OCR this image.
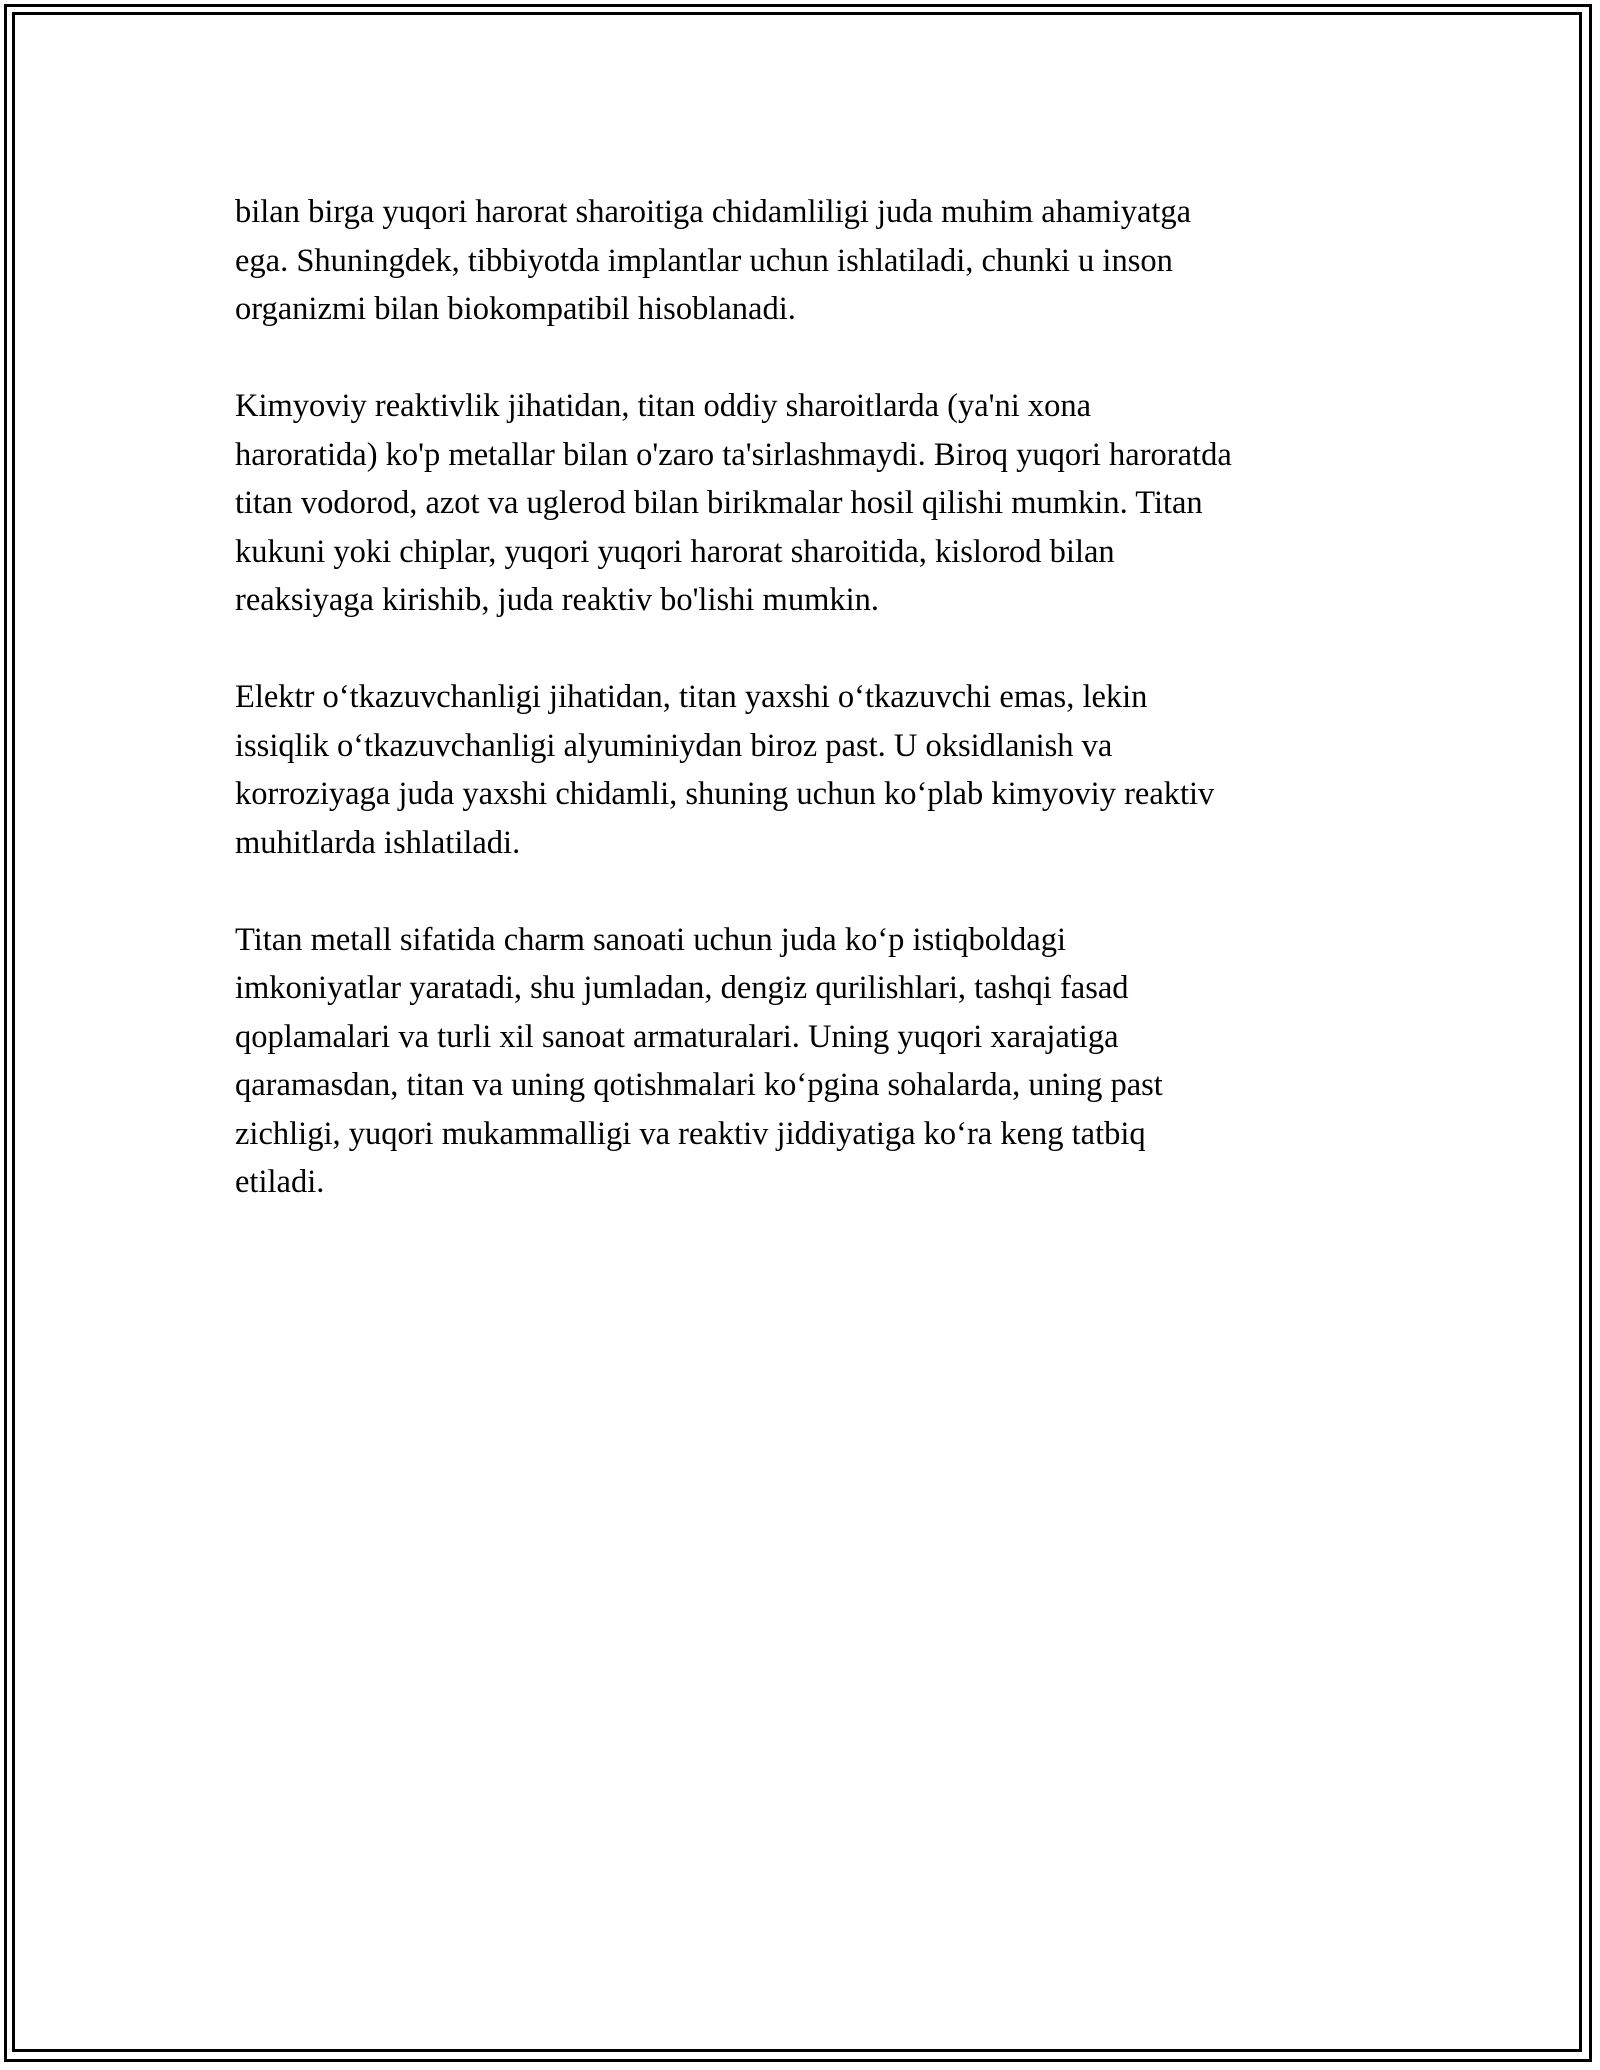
bilan birga yuqori harorat sharoitiga chidamliligi juda muhim ahamiyatga
ega. Shuningdek, tibbiyotda implantlar uchun ishlatiladi, chunki u inson
organizmi bilan biokompatibil hisoblanadi.

Kimyoviy reaktivlik jihatidan, titan oddiy sharoitlarda (ya'ni xona
haroratida) ko'p metallar bilan o'zaro ta'sirlashmaydi. Biroq yuqori haroratda
titan vodorod, azot va uglerod bilan birikmalar hosil qilishi mumkin. Titan
kukuni yoki chiplar, yuqori yuqori harorat sharoitida, kislorod bilan
reaksiyaga kirishib, juda reaktiv bo'lishi mumkin.

Elektr o‘tkazuvchanligi jihatidan, titan yaxshi o‘tkazuvchi emas, lekin
issiqlik o‘tkazuvchanligi alyuminiydan biroz past. U oksidlanish va
korroziyaga juda yaxshi chidamli, shuning uchun ko‘plab kimyoviy reaktiv
muhitlarda ishlatiladi.

Titan metall sifatida charm sanoati uchun juda ko‘p istiqboldagi
imkoniyatlar yaratadi, shu jumladan, dengiz qurilishlari, tashqi fasad
qoplamalari va turli xil sanoat armaturalari. Uning yuqori xarajatiga
qaramasdan, titan va uning qotishmalari ko‘pgina sohalarda, uning past
zichligi, yuqori mukammalligi va reaktiv jiddiyatiga ko‘ra keng tatbiq
etiladi.
